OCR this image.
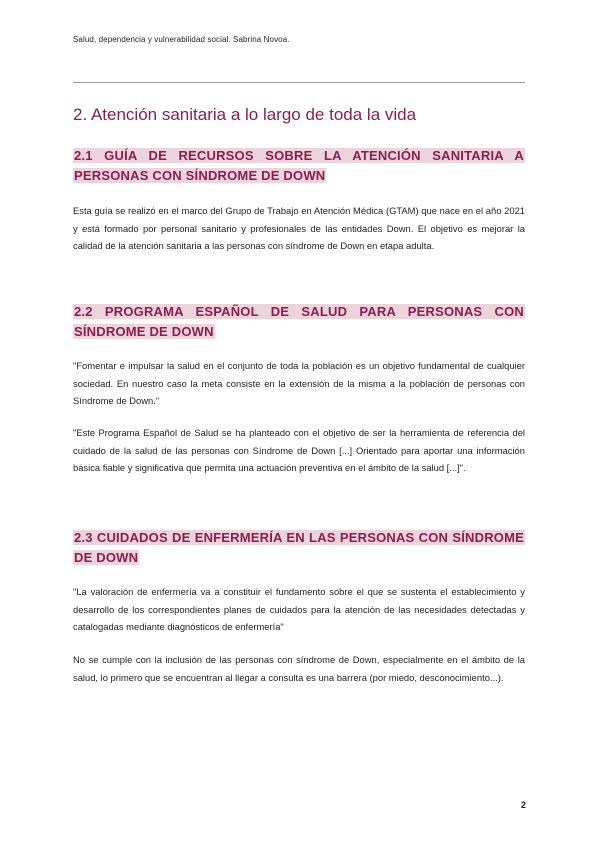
Salud, dependencia y vulnerabilidad social. Sabrina Novoa.
2. Atención sanitaria a lo largo de toda la vida
2.1 GUÍA DE RECURSOS SOBRE LA ATENCIÓN SANITARIA A PERSONAS CON SÍNDROME DE DOWN

Esta guía se realizó en el marco del Grupo de Trabajo en Atención Médica (GTAM) que nace en el año 2021 y está formado por personal sanitario y profesionales de las entidades Down. El objetivo es mejorar la calidad de la atención sanitaria a las personas con síndrome de Down en etapa adulta.

2.2 PROGRAMA ESPAÑOL DE SALUD PARA PERSONAS CON SÍNDROME DE DOWN

"Fomentar e impulsar la salud en el conjunto de toda la población es un objetivo fundamental de cualquier sociedad. En nuestro caso la meta consiste en la extensión de la misma a la población de personas con Síndrome de Down."

"Este Programa Español de Salud se ha planteado con el objetivo de ser la herramienta de referencia del cuidado de la salud de las personas con Síndrome de Down [...] Orientado para aportar una información básica fiable y significativa que permita una actuación preventiva en el ámbito de la salud [...]".

2.3 CUIDADOS DE ENFERMERÍA EN LAS PERSONAS CON SÍNDROME DE DOWN

"La valoración de enfermería va a constituir el fundamento sobre el que se sustenta el establecimiento y desarrollo de los correspondientes planes de cuidados para la atención de las necesidades detectadas y catalogadas mediante diagnósticos de enfermería"

No se cumple con la inclusión de las personas con síndrome de Down, especialmente en el ámbito de la salud, lo primero que se encuentran al llegar a consulta es una barrera (por miedo, desconocimiento...).

2
